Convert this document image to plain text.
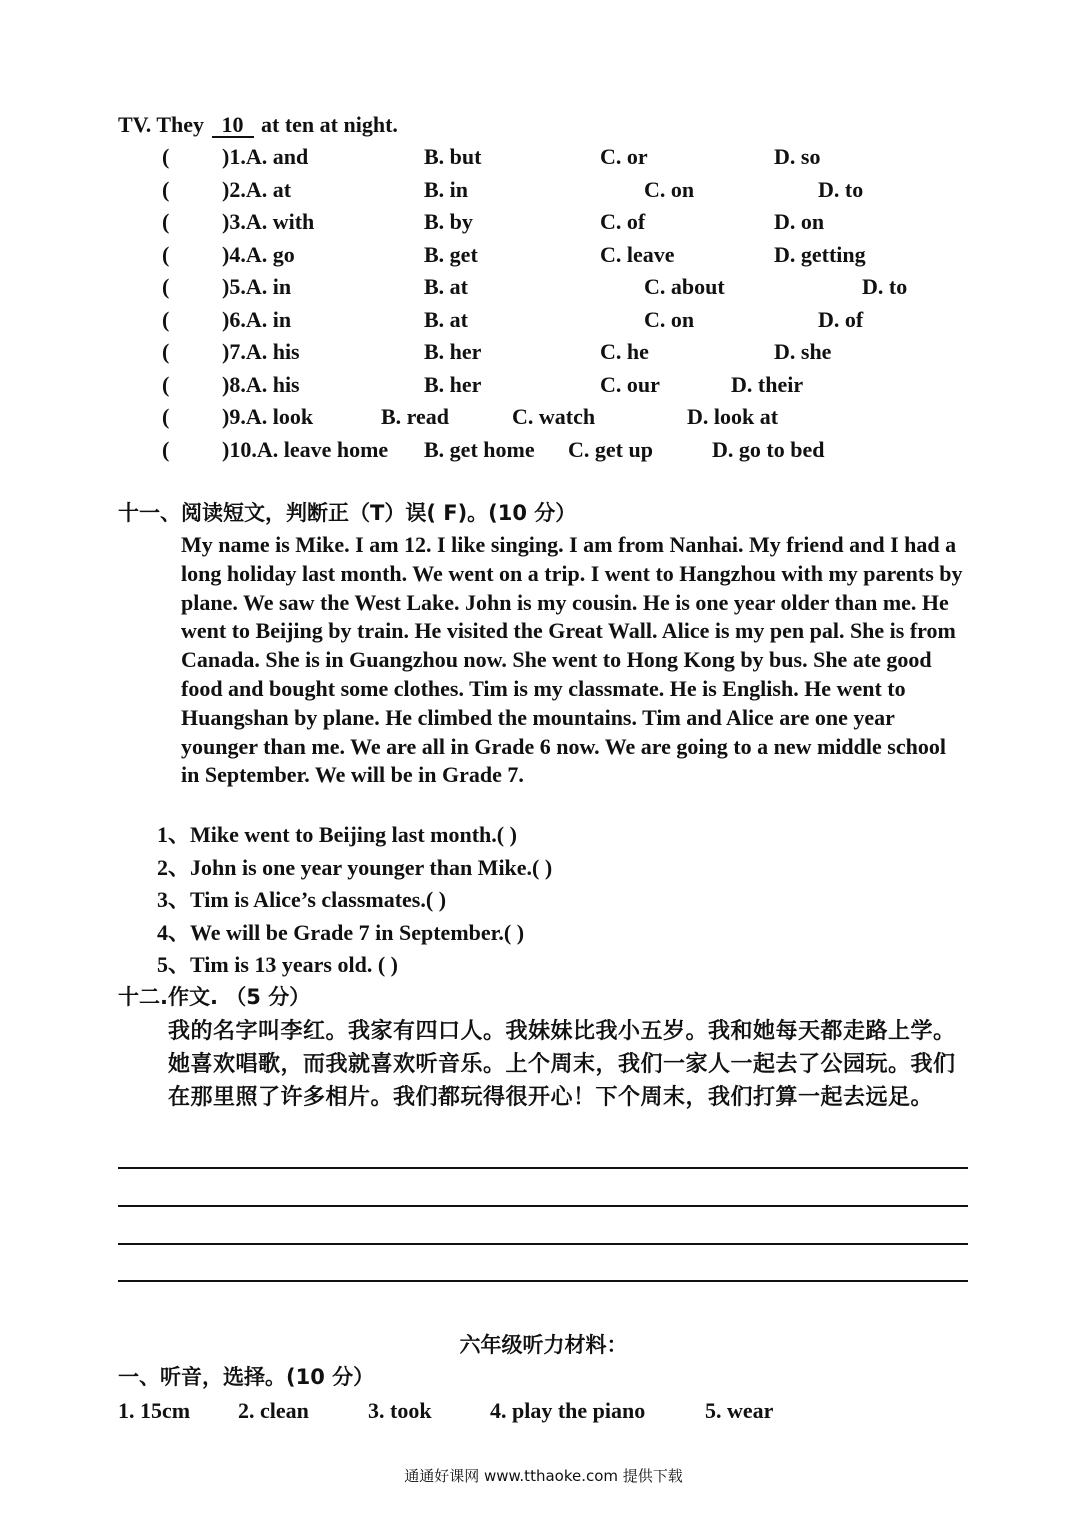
TV. They 10 at ten at night.
( )1.A. and	B. but	C. or	D. so
( )2.A. at	B. in	C. on	D. to
( )3.A. with	B. by	C. of	D. on
( )4.A. go	B. get	C. leave	D. getting
( )5.A. in	B. at	C. about	D. to
( )6.A. in	B. at	C. on	D. of
( )7.A. his	B. her	C. he	D. she
( )8.A. his	B. her	C. our	D. their
( )9.A. look	B. read	C. watch	D. look at
( )10.A. leave home B. get home C. get up	D. go to bed
十一、阅读短文，判断正（T）误( F)。(10 分）
My name is Mike. I am 12. I like singing. I am from Nanhai. My friend and I had a long holiday last month. We went on a trip. I went to Hangzhou with my parents by plane. We saw the West Lake. John is my cousin. He is one year older than me. He went to Beijing by train. He visited the Great Wall. Alice is my pen pal. She is from Canada. She is in Guangzhou now. She went to Hong Kong by bus. She ate good food and bought some clothes. Tim is my classmate. He is English. He went to Huangshan by plane. He climbed the mountains. Tim and Alice are one year younger than me. We are all in Grade 6 now. We are going to a new middle school in September. We will be in Grade 7.
1、Mike went to Beijing last month.( )
2、John is one year younger than Mike.( )
3、Tim is Alice’s classmates.( )
4、We will be Grade 7 in September.( )
5、Tim is 13 years old. ( )
十二.作文. （5 分）
我的名字叫李红。我家有四口人。我妹妹比我小五岁。我和她每天都走路上学。她喜欢唱歌，而我就喜欢听音乐。上个周末，我们一家人一起去了公园玩。我们在那里照了许多相片。我们都玩得很开心！下个周末，我们打算一起去远足。
六年级听力材料：
一、听音，选择。(10 分）
1. 15cm 2. clean	3. took	4. play the piano	5. wear
通通好课网 www.tthaoke.com 提供下载
